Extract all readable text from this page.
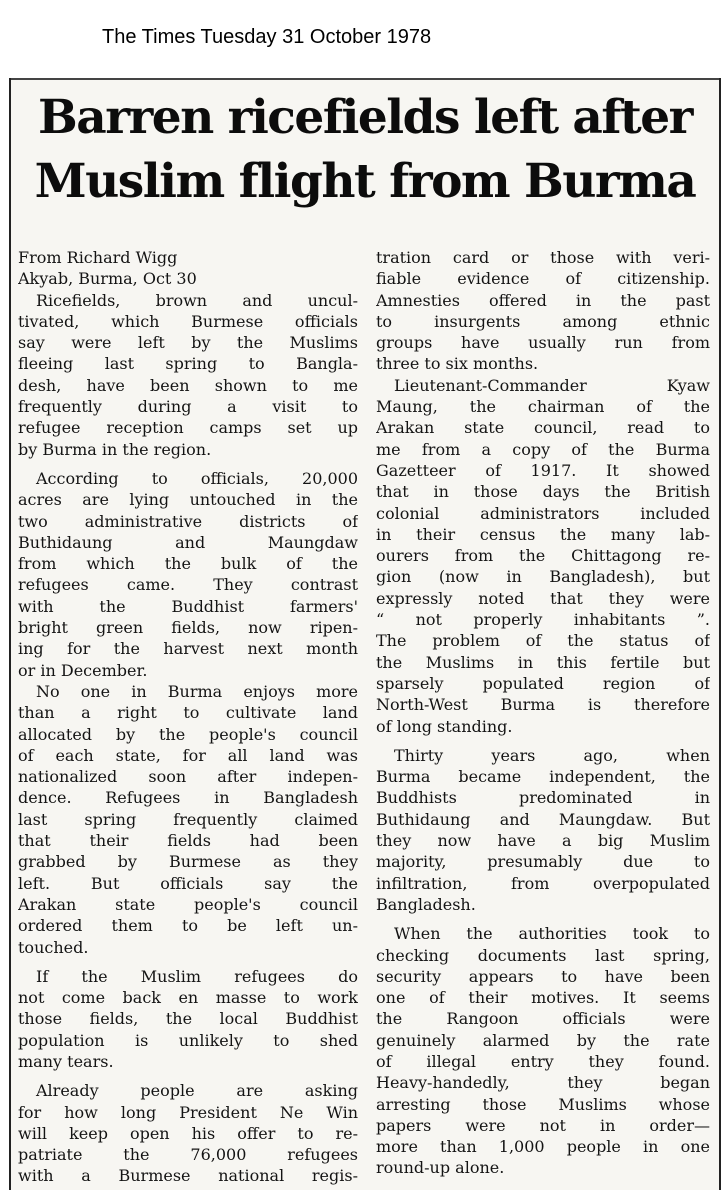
The Times Tuesday 31 October 1978
Barren ricefields left after
Muslim flight from Burma
From Richard Wigg
Akyab, Burma, Oct 30
Ricefields, brown and uncul-
tivated, which Burmese officials
say were left by the Muslims
fleeing last spring to Bangla-
desh, have been shown to me
frequently during a visit to
refugee reception camps set up
by Burma in the region.
According to officials, 20,000
acres are lying untouched in the
two administrative districts of
Buthidaung and Maungdaw
from which the bulk of the
refugees came. They contrast
with the Buddhist farmers'
bright green fields, now ripen-
ing for the harvest next month
or in December.
No one in Burma enjoys more
than a right to cultivate land
allocated by the people's council
of each state, for all land was
nationalized soon after indepen-
dence. Refugees in Bangladesh
last spring frequently claimed
that their fields had been
grabbed by Burmese as they
left. But officials say the
Arakan state people's council
ordered them to be left un-
touched.
If the Muslim refugees do
not come back en masse to work
those fields, the local Buddhist
population is unlikely to shed
many tears.
Already people are asking
for how long President Ne Win
will keep open his offer to re-
patriate the 76,000 refugees
with a Burmese national regis-
tration card or those with veri-
fiable evidence of citizenship.
Amnesties offered in the past
to insurgents among ethnic
groups have usually run from
three to six months.
Lieutenant-Commander Kyaw
Maung, the chairman of the
Arakan state council, read to
me from a copy of the Burma
Gazetteer of 1917. It showed
that in those days the British
colonial administrators included
in their census the many lab-
ourers from the Chittagong re-
gion (now in Bangladesh), but
expressly noted that they were
“ not properly inhabitants ”.
The problem of the status of
the Muslims in this fertile but
sparsely populated region of
North-West Burma is therefore
of long standing.
Thirty years ago, when
Burma became independent, the
Buddhists predominated in
Buthidaung and Maungdaw. But
they now have a big Muslim
majority, presumably due to
infiltration, from overpopulated
Bangladesh.
When the authorities took to
checking documents last spring,
security appears to have been
one of their motives. It seems
the Rangoon officials were
genuinely alarmed by the rate
of illegal entry they found.
Heavy-handedly, they began
arresting those Muslims whose
papers were not in order—
more than 1,000 people in one
round-up alone.
